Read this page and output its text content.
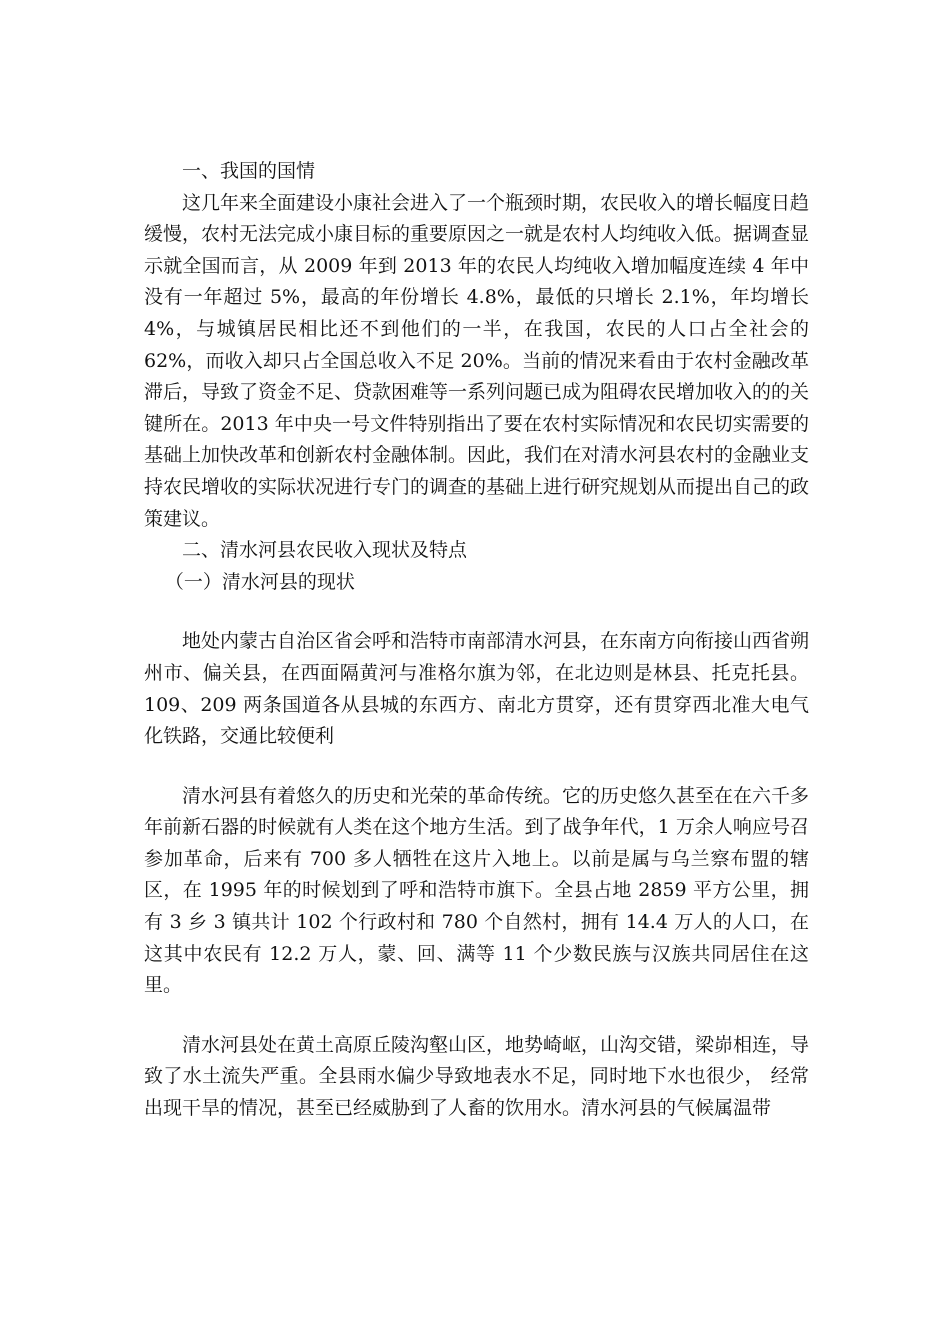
一、我国的国情

这几年来全面建设小康社会进入了一个瓶颈时期，农民收入的增长幅度日趋缓慢，农村无法完成小康目标的重要原因之一就是农村人均纯收入低。据调查显示就全国而言，从 2009 年到 2013 年的农民人均纯收入增加幅度连续 4 年中没有一年超过 5%，最高的年份增长 4.8%，最低的只增长 2.1%，年均增长 4%，与城镇居民相比还不到他们的一半，在我国，农民的人口占全社会的 62%，而收入却只占全国总收入不足 20%。当前的情况来看由于农村金融改革滞后，导致了资金不足、贷款困难等一系列问题已成为阻碍农民增加收入的的关键所在。2013 年中央一号文件特别指出了要在农村实际情况和农民切实需要的基础上加快改革和创新农村金融体制。因此，我们在对清水河县农村的金融业支持农民增收的实际状况进行专门的调查的基础上进行研究规划从而提出自己的政策建议。

二、清水河县农民收入现状及特点

（一）清水河县的现状

地处内蒙古自治区省会呼和浩特市南部清水河县，在东南方向衔接山西省朔州市、偏关县，在西面隔黄河与准格尔旗为邻，在北边则是林县、托克托县。109、209 两条国道各从县城的东西方、南北方贯穿，还有贯穿西北准大电气化铁路，交通比较便利

清水河县有着悠久的历史和光荣的革命传统。它的历史悠久甚至在在六千多年前新石器的时候就有人类在这个地方生活。到了战争年代，1 万余人响应号召参加革命，后来有 700 多人牺牲在这片入地上。以前是属与乌兰察布盟的辖区，在 1995 年的时候划到了呼和浩特市旗下。全县占地 2859 平方公里，拥有 3 乡 3 镇共计 102 个行政村和 780 个自然村，拥有 14.4 万人的人口，在这其中农民有 12.2 万人，蒙、回、满等 11 个少数民族与汉族共同居住在这里。

清水河县处在黄土高原丘陵沟壑山区，地势崎岖，山沟交错，梁峁相连，导致了水土流失严重。全县雨水偏少导致地表水不足，同时地下水也很少， 经常出现干旱的情况，甚至已经威胁到了人畜的饮用水。清水河县的气候属温带
